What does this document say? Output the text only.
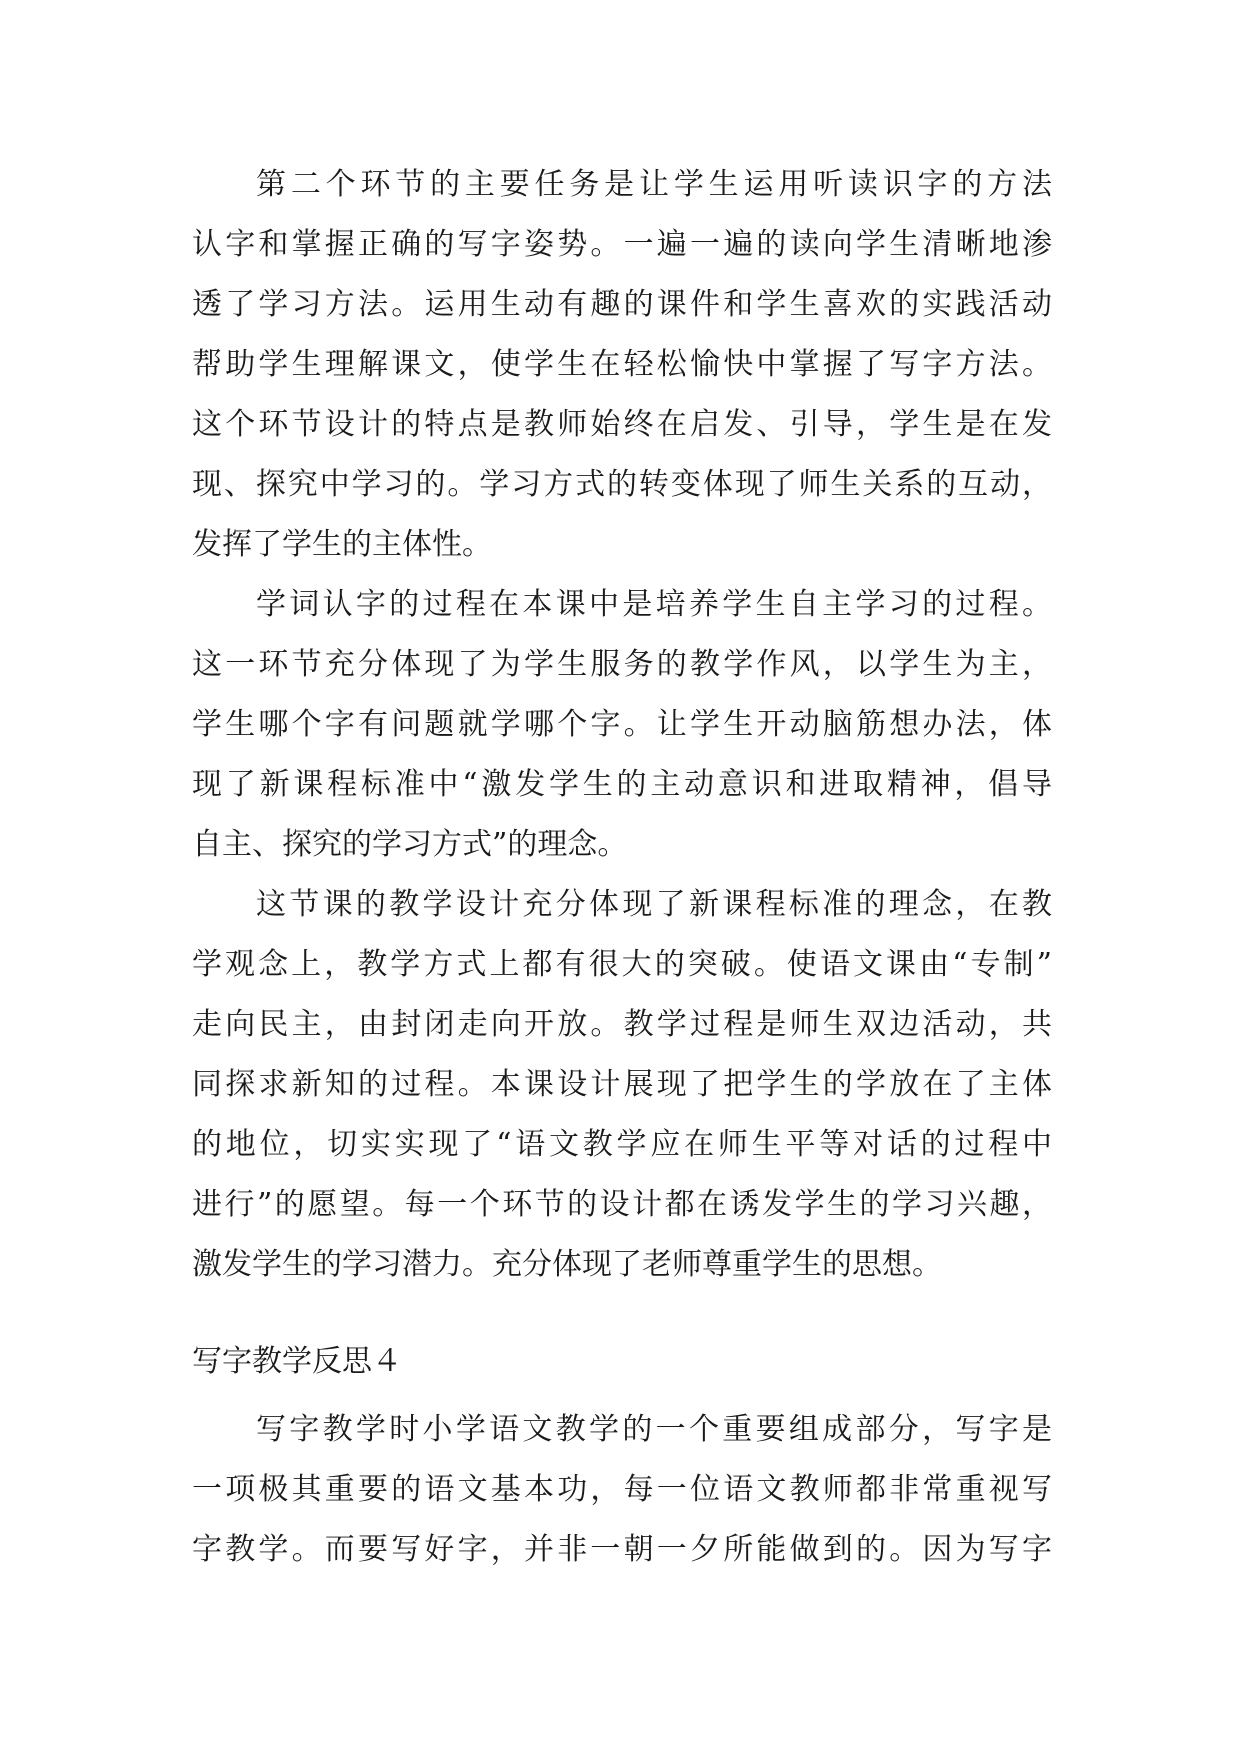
第二个环节的主要任务是让学生运用听读识字的方法
认字和掌握正确的写字姿势。一遍一遍的读向学生清晰地渗
透了学习方法。运用生动有趣的课件和学生喜欢的实践活动
帮助学生理解课文，使学生在轻松愉快中掌握了写字方法。
这个环节设计的特点是教师始终在启发、引导，学生是在发
现、探究中学习的。学习方式的转变体现了师生关系的互动，
发挥了学生的主体性。
学词认字的过程在本课中是培养学生自主学习的过程。
这一环节充分体现了为学生服务的教学作风，以学生为主，
学生哪个字有问题就学哪个字。让学生开动脑筋想办法，体
现了新课程标准中“激发学生的主动意识和进取精神，倡导
自主、探究的学习方式”的理念。
这节课的教学设计充分体现了新课程标准的理念，在教
学观念上，教学方式上都有很大的突破。使语文课由“专制”
走向民主，由封闭走向开放。教学过程是师生双边活动，共
同探求新知的过程。本课设计展现了把学生的学放在了主体
的地位，切实实现了“语文教学应在师生平等对话的过程中
进行”的愿望。每一个环节的设计都在诱发学生的学习兴趣，
激发学生的学习潜力。充分体现了老师尊重学生的思想。
写字教学反思４
写字教学时小学语文教学的一个重要组成部分，写字是
一项极其重要的语文基本功，每一位语文教师都非常重视写
字教学。而要写好字，并非一朝一夕所能做到的。因为写字
